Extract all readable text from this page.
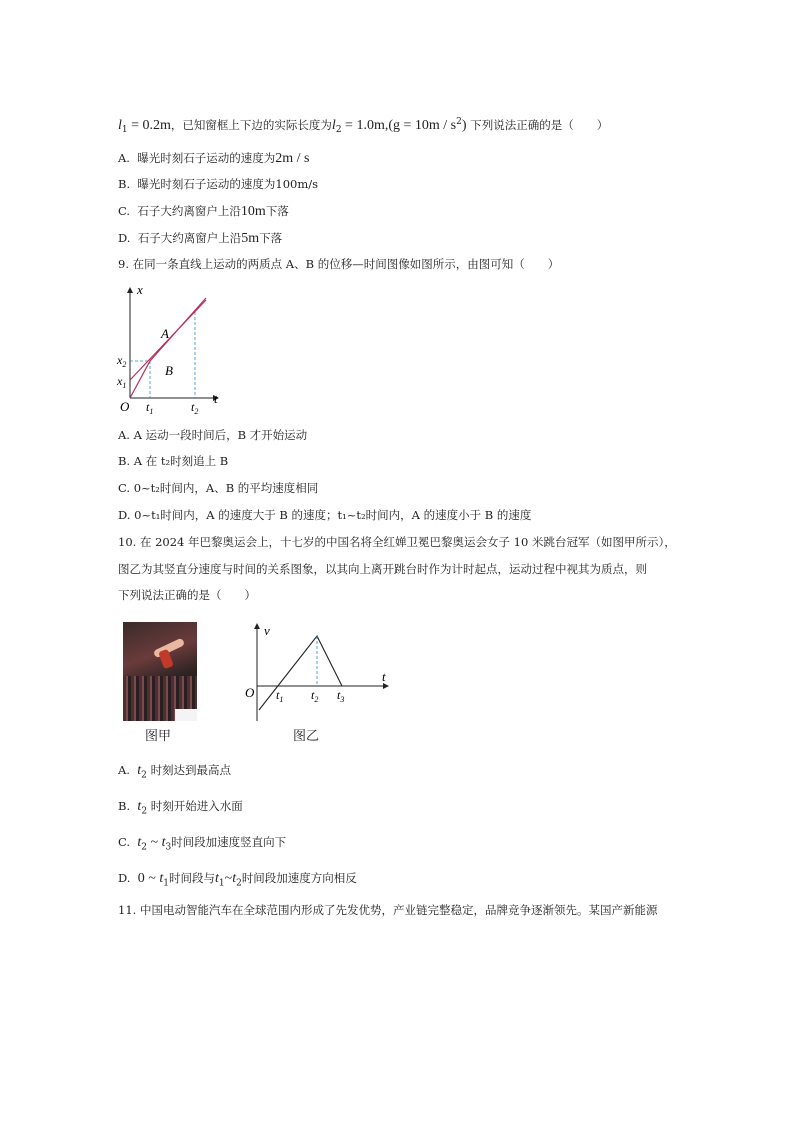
$l_1 = 0.2m$，已知窗框上下边的实际长度为$l_2 = 1.0m,(g = 10m / s^2)$ 下列说法正确的是（　　）
A. 曝光时刻石子运动的速度为2m / s
B. 曝光时刻石子运动的速度为100m/s
C. 石子大约离窗户上沿10m下落
D. 石子大约离窗户上沿5m下落
9. 在同一条直线上运动的两质点 A、B 的位移—时间图像如图所示，由图可知（　　）
x
t
O
$x_2$
$x_1$
$t_1$	$t_2$
A
B
A. A 运动一段时间后，B 才开始运动
B. A 在 t₂时刻追上 B
C. 0~t₂时间内，A、B 的平均速度相同
D. 0~t₁时间内，A 的速度大于 B 的速度；t₁~t₂时间内，A 的速度小于 B 的速度
10. 在 2024 年巴黎奥运会上，十七岁的中国名将全红婵卫冕巴黎奥运会女子 10 米跳台冠军（如图甲所示），
图乙为其竖直分速度与时间的关系图象，以其向上离开跳台时作为计时起点，运动过程中视其为质点，则
下列说法正确的是（　　）
图甲
v
t
O $t_1$ $t_2$ $t_3$
图乙
A. $t_2$ 时刻达到最高点
B. $t_2$ 时刻开始进入水面
C. $t_2$ ~ $t_3$时间段加速度竖直向下
D. 0 ~ $t_1$时间段与$t_1\sim t_2$时间段加速度方向相反
11. 中国电动智能汽车在全球范围内形成了先发优势，产业链完整稳定，品牌竞争逐渐领先。某国产新能源
